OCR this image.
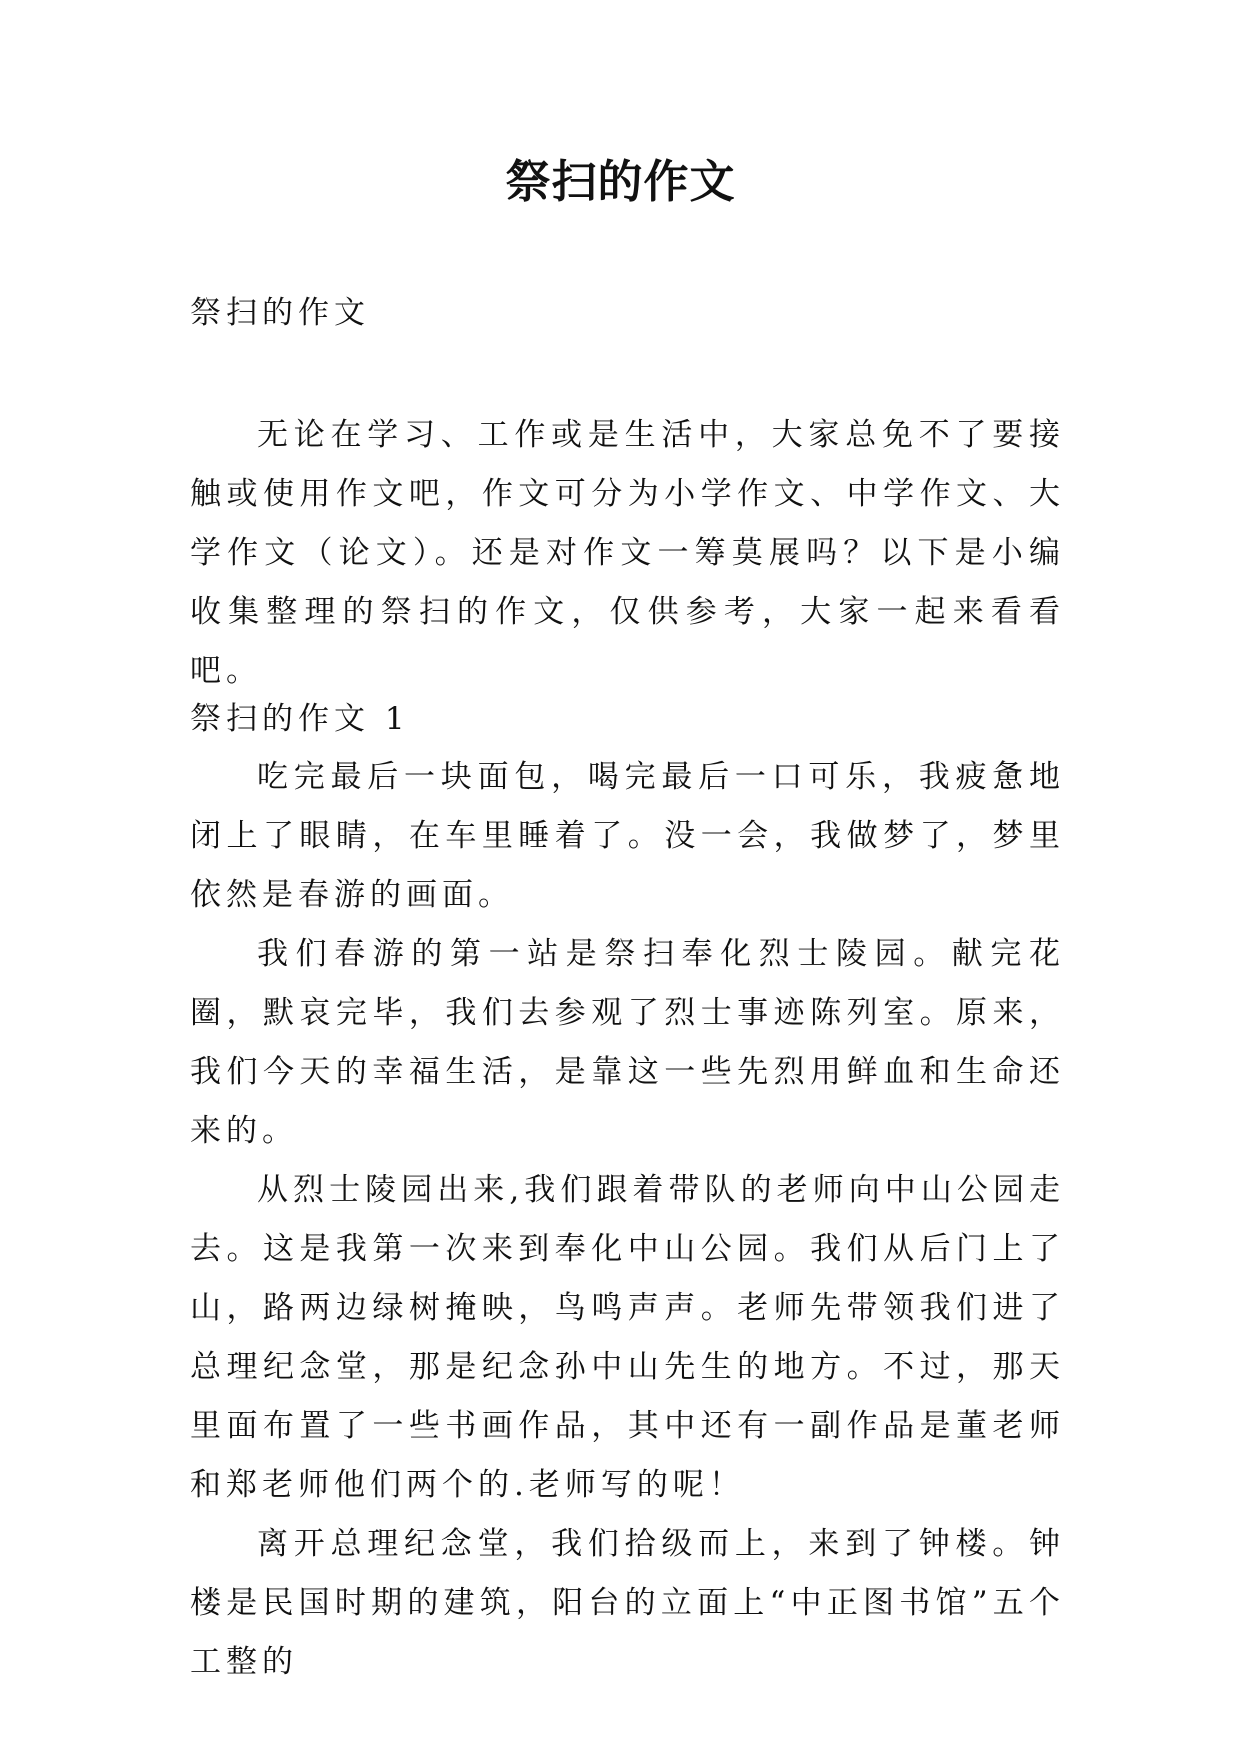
祭扫的作文
祭扫的作文

无论在学习、工作或是生活中，大家总免不了要接触或使用作文吧，作文可分为小学作文、中学作文、大学作文（论文）。还是对作文一筹莫展吗？以下是小编收集整理的祭扫的作文，仅供参考，大家一起来看看吧。

祭扫的作文 1

吃完最后一块面包，喝完最后一口可乐，我疲惫地闭上了眼睛，在车里睡着了。没一会，我做梦了，梦里依然是春游的画面。

我们春游的第一站是祭扫奉化烈士陵园。献完花圈，默哀完毕，我们去参观了烈士事迹陈列室。原来，我们今天的幸福生活，是靠这一些先烈用鲜血和生命还来的。

从烈士陵园出来,我们跟着带队的老师向中山公园走去。这是我第一次来到奉化中山公园。我们从后门上了山，路两边绿树掩映，鸟鸣声声。老师先带领我们进了总理纪念堂，那是纪念孙中山先生的地方。不过，那天里面布置了一些书画作品，其中还有一副作品是董老师和郑老师他们两个的.老师写的呢！

离开总理纪念堂，我们拾级而上，来到了钟楼。钟楼是民国时期的建筑，阳台的立面上“中正图书馆”五个工整的
